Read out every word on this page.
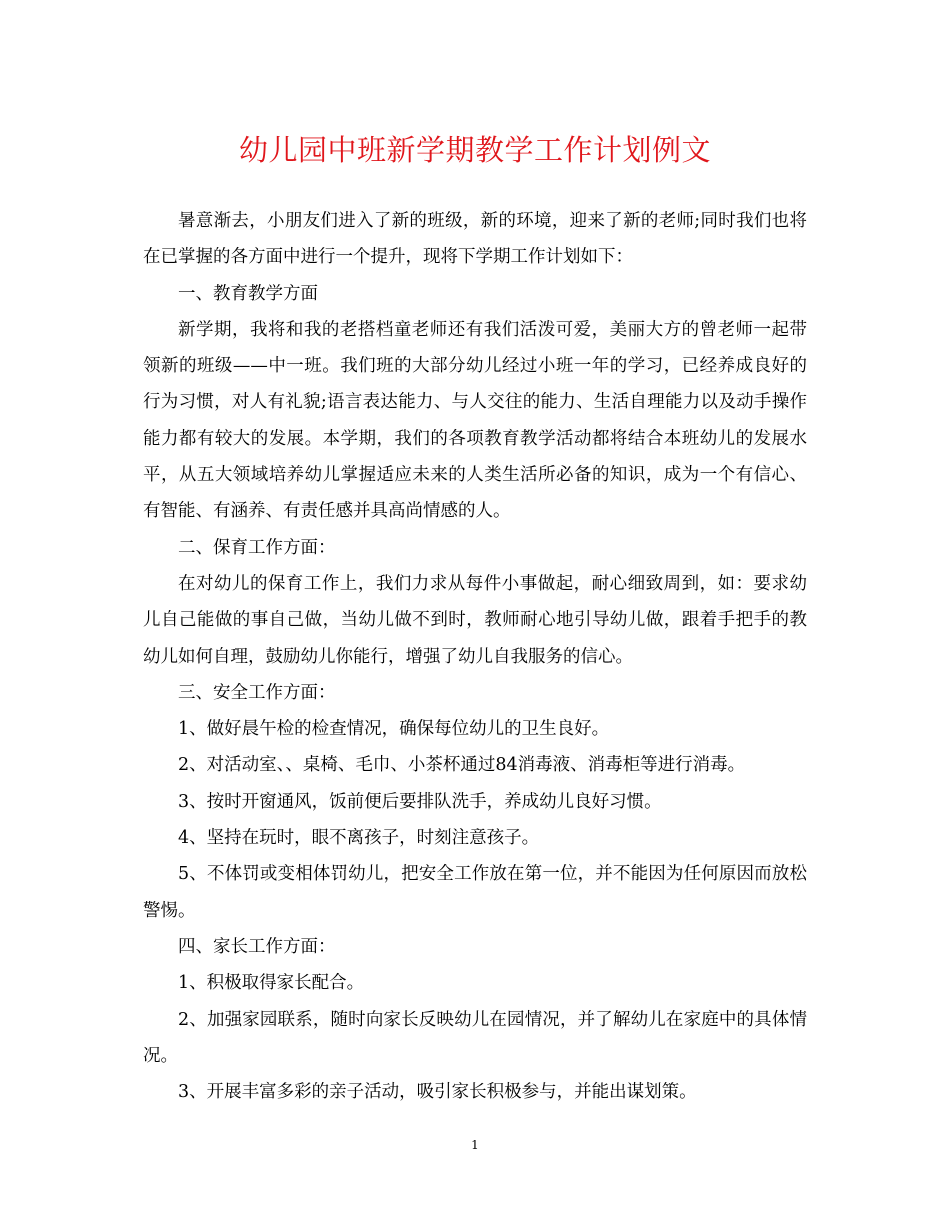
幼儿园中班新学期教学工作计划例文

暑意渐去，小朋友们进入了新的班级，新的环境，迎来了新的老师;同时我们也将在已掌握的各方面中进行一个提升，现将下学期工作计划如下：

一、教育教学方面

新学期，我将和我的老搭档童老师还有我们活泼可爱，美丽大方的曾老师一起带领新的班级——中一班。我们班的大部分幼儿经过小班一年的学习，已经养成良好的行为习惯，对人有礼貌;语言表达能力、与人交往的能力、生活自理能力以及动手操作能力都有较大的发展。本学期，我们的各项教育教学活动都将结合本班幼儿的发展水平，从五大领域培养幼儿掌握适应未来的人类生活所必备的知识，成为一个有信心、有智能、有涵养、有责任感并具高尚情感的人。

二、保育工作方面：

在对幼儿的保育工作上，我们力求从每件小事做起，耐心细致周到，如：要求幼儿自己能做的事自己做，当幼儿做不到时，教师耐心地引导幼儿做，跟着手把手的教幼儿如何自理，鼓励幼儿你能行，增强了幼儿自我服务的信心。

三、安全工作方面：

1、做好晨午检的检查情况，确保每位幼儿的卫生良好。

2、对活动室、、桌椅、毛巾、小茶杯通过84消毒液、消毒柜等进行消毒。

3、按时开窗通风，饭前便后要排队洗手，养成幼儿良好习惯。

4、坚持在玩时，眼不离孩子，时刻注意孩子。

5、不体罚或变相体罚幼儿，把安全工作放在第一位，并不能因为任何原因而放松警惕。

四、家长工作方面：

1、积极取得家长配合。

2、加强家园联系，随时向家长反映幼儿在园情况，并了解幼儿在家庭中的具体情况。

3、开展丰富多彩的亲子活动，吸引家长积极参与，并能出谋划策。

1
